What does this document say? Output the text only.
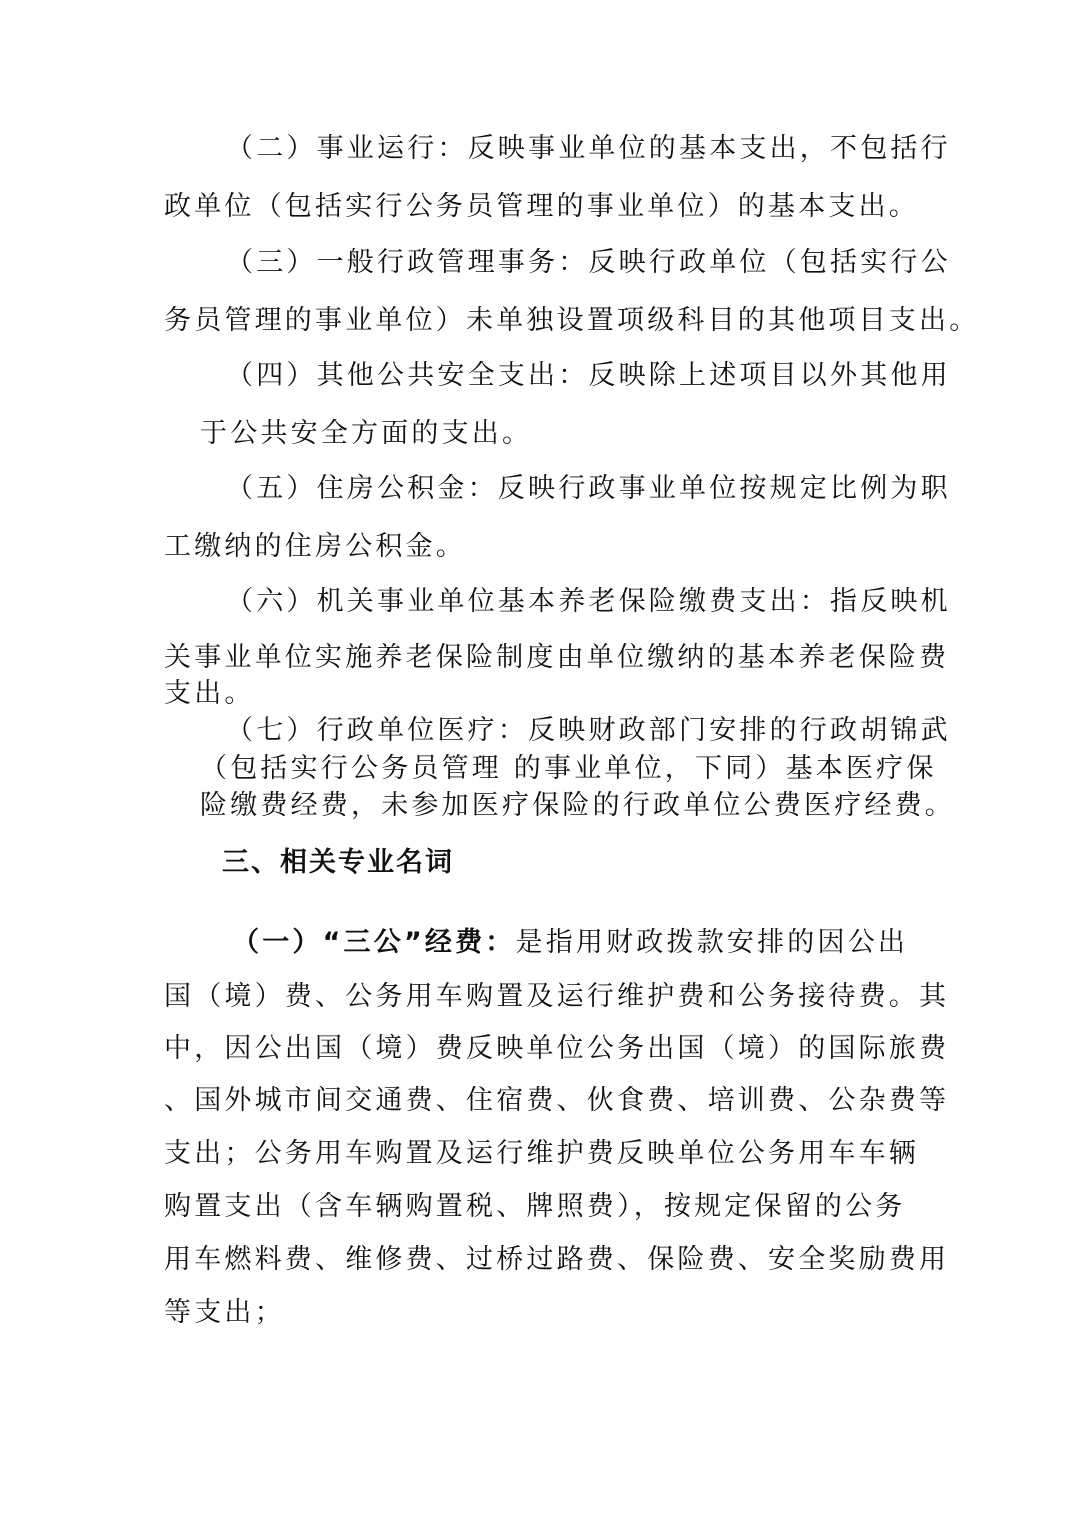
（二）事业运行：反映事业单位的基本支出，不包括行
政单位（包括实行公务员管理的事业单位）的基本支出。
（三）一般行政管理事务：反映行政单位（包括实行公
务员管理的事业单位）未单独设置项级科目的其他项目支出。
（四）其他公共安全支出：反映除上述项目以外其他用
于公共安全方面的支出。
（五）住房公积金：反映行政事业单位按规定比例为职
工缴纳的住房公积金。
（六）机关事业单位基本养老保险缴费支出：指反映机
关事业单位实施养老保险制度由单位缴纳的基本养老保险费
支出。
（七）行政单位医疗：反映财政部门安排的行政胡锦武
（包括实行公务员管理 的事业单位，下同）基本医疗保
险缴费经费，未参加医疗保险的行政单位公费医疗经费。
三、相关专业名词
（一）“三公”经费：是指用财政拨款安排的因公出
国（境）费、公务用车购置及运行维护费和公务接待费。其
中，因公出国（境）费反映单位公务出国（境）的国际旅费
、国外城市间交通费、住宿费、伙食费、培训费、公杂费等
支出；公务用车购置及运行维护费反映单位公务用车车辆
购置支出（含车辆购置税、牌照费），按规定保留的公务
用车燃料费、维修费、过桥过路费、保险费、安全奖励费用
等支出；
